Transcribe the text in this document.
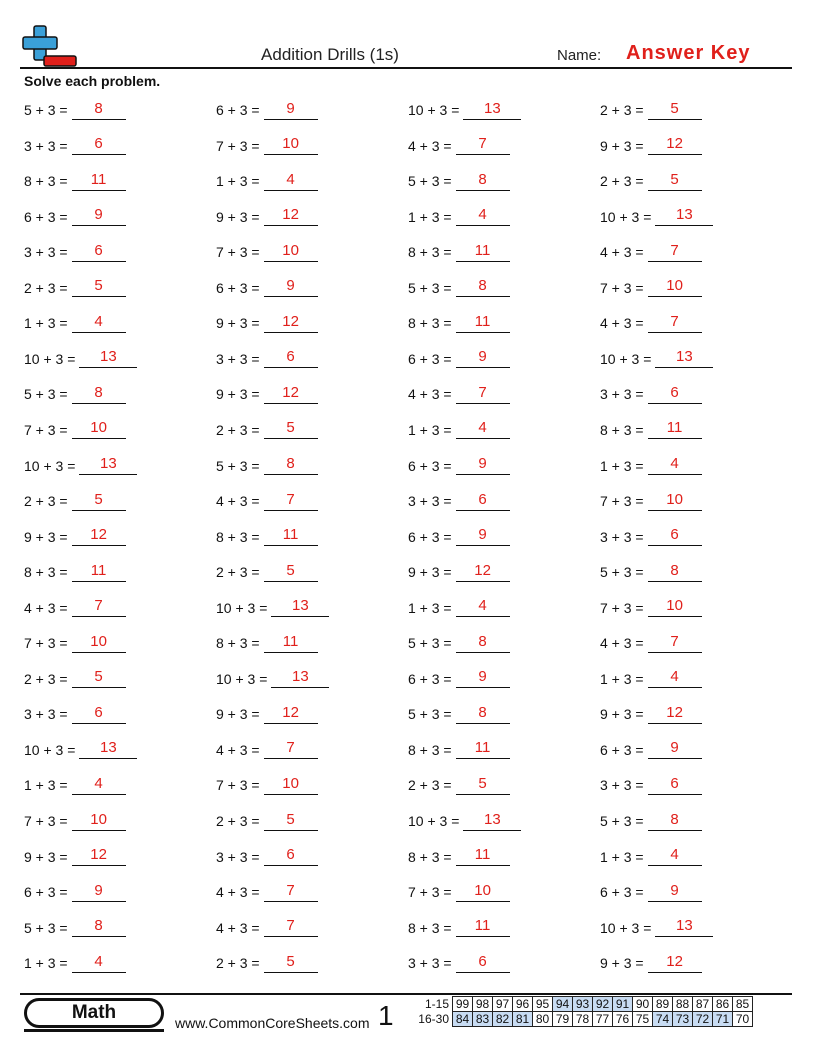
Addition Drills (1s)	Name: Answer Key
Solve each problem.
5 + 3 =	8	6 + 3 =	9	10 + 3 =	13	2 + 3 =	5
3 + 3 =	6	7 + 3 =	10	4 + 3 =	7	9 + 3 =	12
8 + 3 =	11	1 + 3 =	4	5 + 3 =	8	2 + 3 =	5
6 + 3 =	9	9 + 3 =	12	1 + 3 =	4	10 + 3 =	13
3 + 3 =	6	7 + 3 =	10	8 + 3 =	11	4 + 3 =	7
2 + 3 =	5	6 + 3 =	9	5 + 3 =	8	7 + 3 =	10
1 + 3 =	4	9 + 3 =	12	8 + 3 =	11	4 + 3 =	7
10 + 3 =	13	3 + 3 =	6	6 + 3 =	9	10 + 3 =	13
5 + 3 =	8	9 + 3 =	12	4 + 3 =	7	3 + 3 =	6
7 + 3 =	10	2 + 3 =	5	1 + 3 =	4	8 + 3 =	11
10 + 3 =	13	5 + 3 =	8	6 + 3 =	9	1 + 3 =	4
2 + 3 =	5	4 + 3 =	7	3 + 3 =	6	7 + 3 =	10
9 + 3 =	12	8 + 3 =	11	6 + 3 =	9	3 + 3 =	6
8 + 3 =	11	2 + 3 =	5	9 + 3 =	12	5 + 3 =	8
4 + 3 =	7	10 + 3 =	13	1 + 3 =	4	7 + 3 =	10
7 + 3 =	10	8 + 3 =	11	5 + 3 =	8	4 + 3 =	7
2 + 3 =	5	10 + 3 =	13	6 + 3 =	9	1 + 3 =	4
3 + 3 =	6	9 + 3 =	12	5 + 3 =	8	9 + 3 =	12
10 + 3 =	13	4 + 3 =	7	8 + 3 =	11	6 + 3 =	9
1 + 3 =	4	7 + 3 =	10	2 + 3 =	5	3 + 3 =	6
7 + 3 =	10	2 + 3 =	5	10 + 3 =	13	5 + 3 =	8
9 + 3 =	12	3 + 3 =	6	8 + 3 =	11	1 + 3 =	4
6 + 3 =	9	4 + 3 =	7	7 + 3 =	10	6 + 3 =	9
5 + 3 =	8	4 + 3 =	7	8 + 3 =	11	10 + 3 =	13
1 + 3 =	4	2 + 3 =	5	3 + 3 =	6	9 + 3 =	12
Math	www.CommonCoreSheets.com 1	1-15	99	98	97	96	95	94	93	92	91	90	89	88	87	86	85
16-30	84	83	82	81	80	79	78	77	76	75	74	73	72	71	70
